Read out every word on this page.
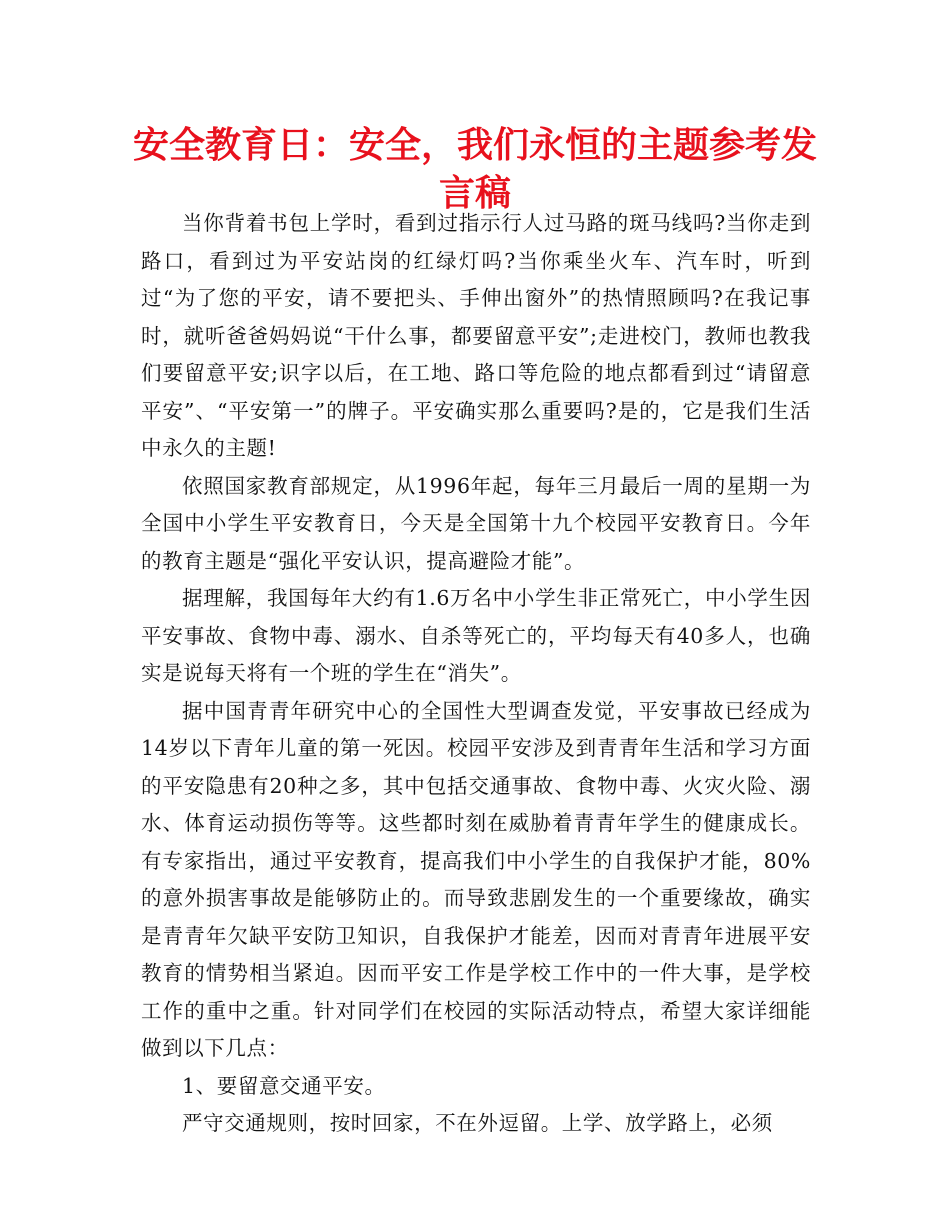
安全教育日：安全，我们永恒的主题参考发言稿

当你背着书包上学时，看到过指示行人过马路的斑马线吗?当你走到路口，看到过为平安站岗的红绿灯吗?当你乘坐火车、汽车时，听到过“为了您的平安，请不要把头、手伸出窗外”的热情照顾吗?在我记事时，就听爸爸妈妈说“干什么事，都要留意平安”;走进校门，教师也教我们要留意平安;识字以后，在工地、路口等危险的地点都看到过“请留意平安”、“平安第一”的牌子。平安确实那么重要吗?是的，它是我们生活中永久的主题!

依照国家教育部规定，从1996年起，每年三月最后一周的星期一为全国中小学生平安教育日，今天是全国第十九个校园平安教育日。今年的教育主题是“强化平安认识，提高避险才能”。

据理解，我国每年大约有1.6万名中小学生非正常死亡，中小学生因平安事故、食物中毒、溺水、自杀等死亡的，平均每天有40多人，也确实是说每天将有一个班的学生在“消失”。

据中国青青年研究中心的全国性大型调查发觉，平安事故已经成为14岁以下青年儿童的第一死因。校园平安涉及到青青年生活和学习方面的平安隐患有20种之多，其中包括交通事故、食物中毒、火灾火险、溺水、体育运动损伤等等。这些都时刻在威胁着青青年学生的健康成长。有专家指出，通过平安教育，提高我们中小学生的自我保护才能，80%的意外损害事故是能够防止的。而导致悲剧发生的一个重要缘故，确实是青青年欠缺平安防卫知识，自我保护才能差，因而对青青年进展平安教育的情势相当紧迫。因而平安工作是学校工作中的一件大事，是学校工作的重中之重。针对同学们在校园的实际活动特点，希望大家详细能做到以下几点：

1、要留意交通平安。

严守交通规则，按时回家，不在外逗留。上学、放学路上，必须
